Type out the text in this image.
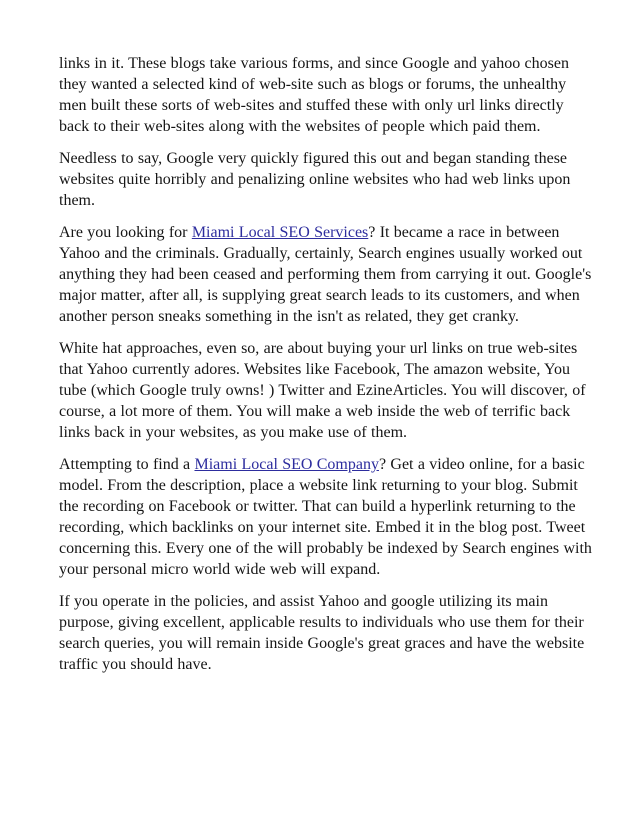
links in it. These blogs take various forms, and since Google and yahoo chosen they wanted a selected kind of web-site such as blogs or forums, the unhealthy men built these sorts of web-sites and stuffed these with only url links directly back to their web-sites along with the websites of people which paid them.

Needless to say, Google very quickly figured this out and began standing these websites quite horribly and penalizing online websites who had web links upon them.

Are you looking for Miami Local SEO Services? It became a race in between Yahoo and the criminals. Gradually, certainly, Search engines usually worked out anything they had been ceased and performing them from carrying it out. Google's major matter, after all, is supplying great search leads to its customers, and when another person sneaks something in the isn't as related, they get cranky.

White hat approaches, even so, are about buying your url links on true web-sites that Yahoo currently adores. Websites like Facebook, The amazon website, You tube (which Google truly owns! ) Twitter and EzineArticles. You will discover, of course, a lot more of them. You will make a web inside the web of terrific back links back in your websites, as you make use of them.

Attempting to find a Miami Local SEO Company? Get a video online, for a basic model. From the description, place a website link returning to your blog. Submit the recording on Facebook or twitter. That can build a hyperlink returning to the recording, which backlinks on your internet site. Embed it in the blog post. Tweet concerning this. Every one of the will probably be indexed by Search engines with your personal micro world wide web will expand.

If you operate in the policies, and assist Yahoo and google utilizing its main purpose, giving excellent, applicable results to individuals who use them for their search queries, you will remain inside Google's great graces and have the website traffic you should have.
